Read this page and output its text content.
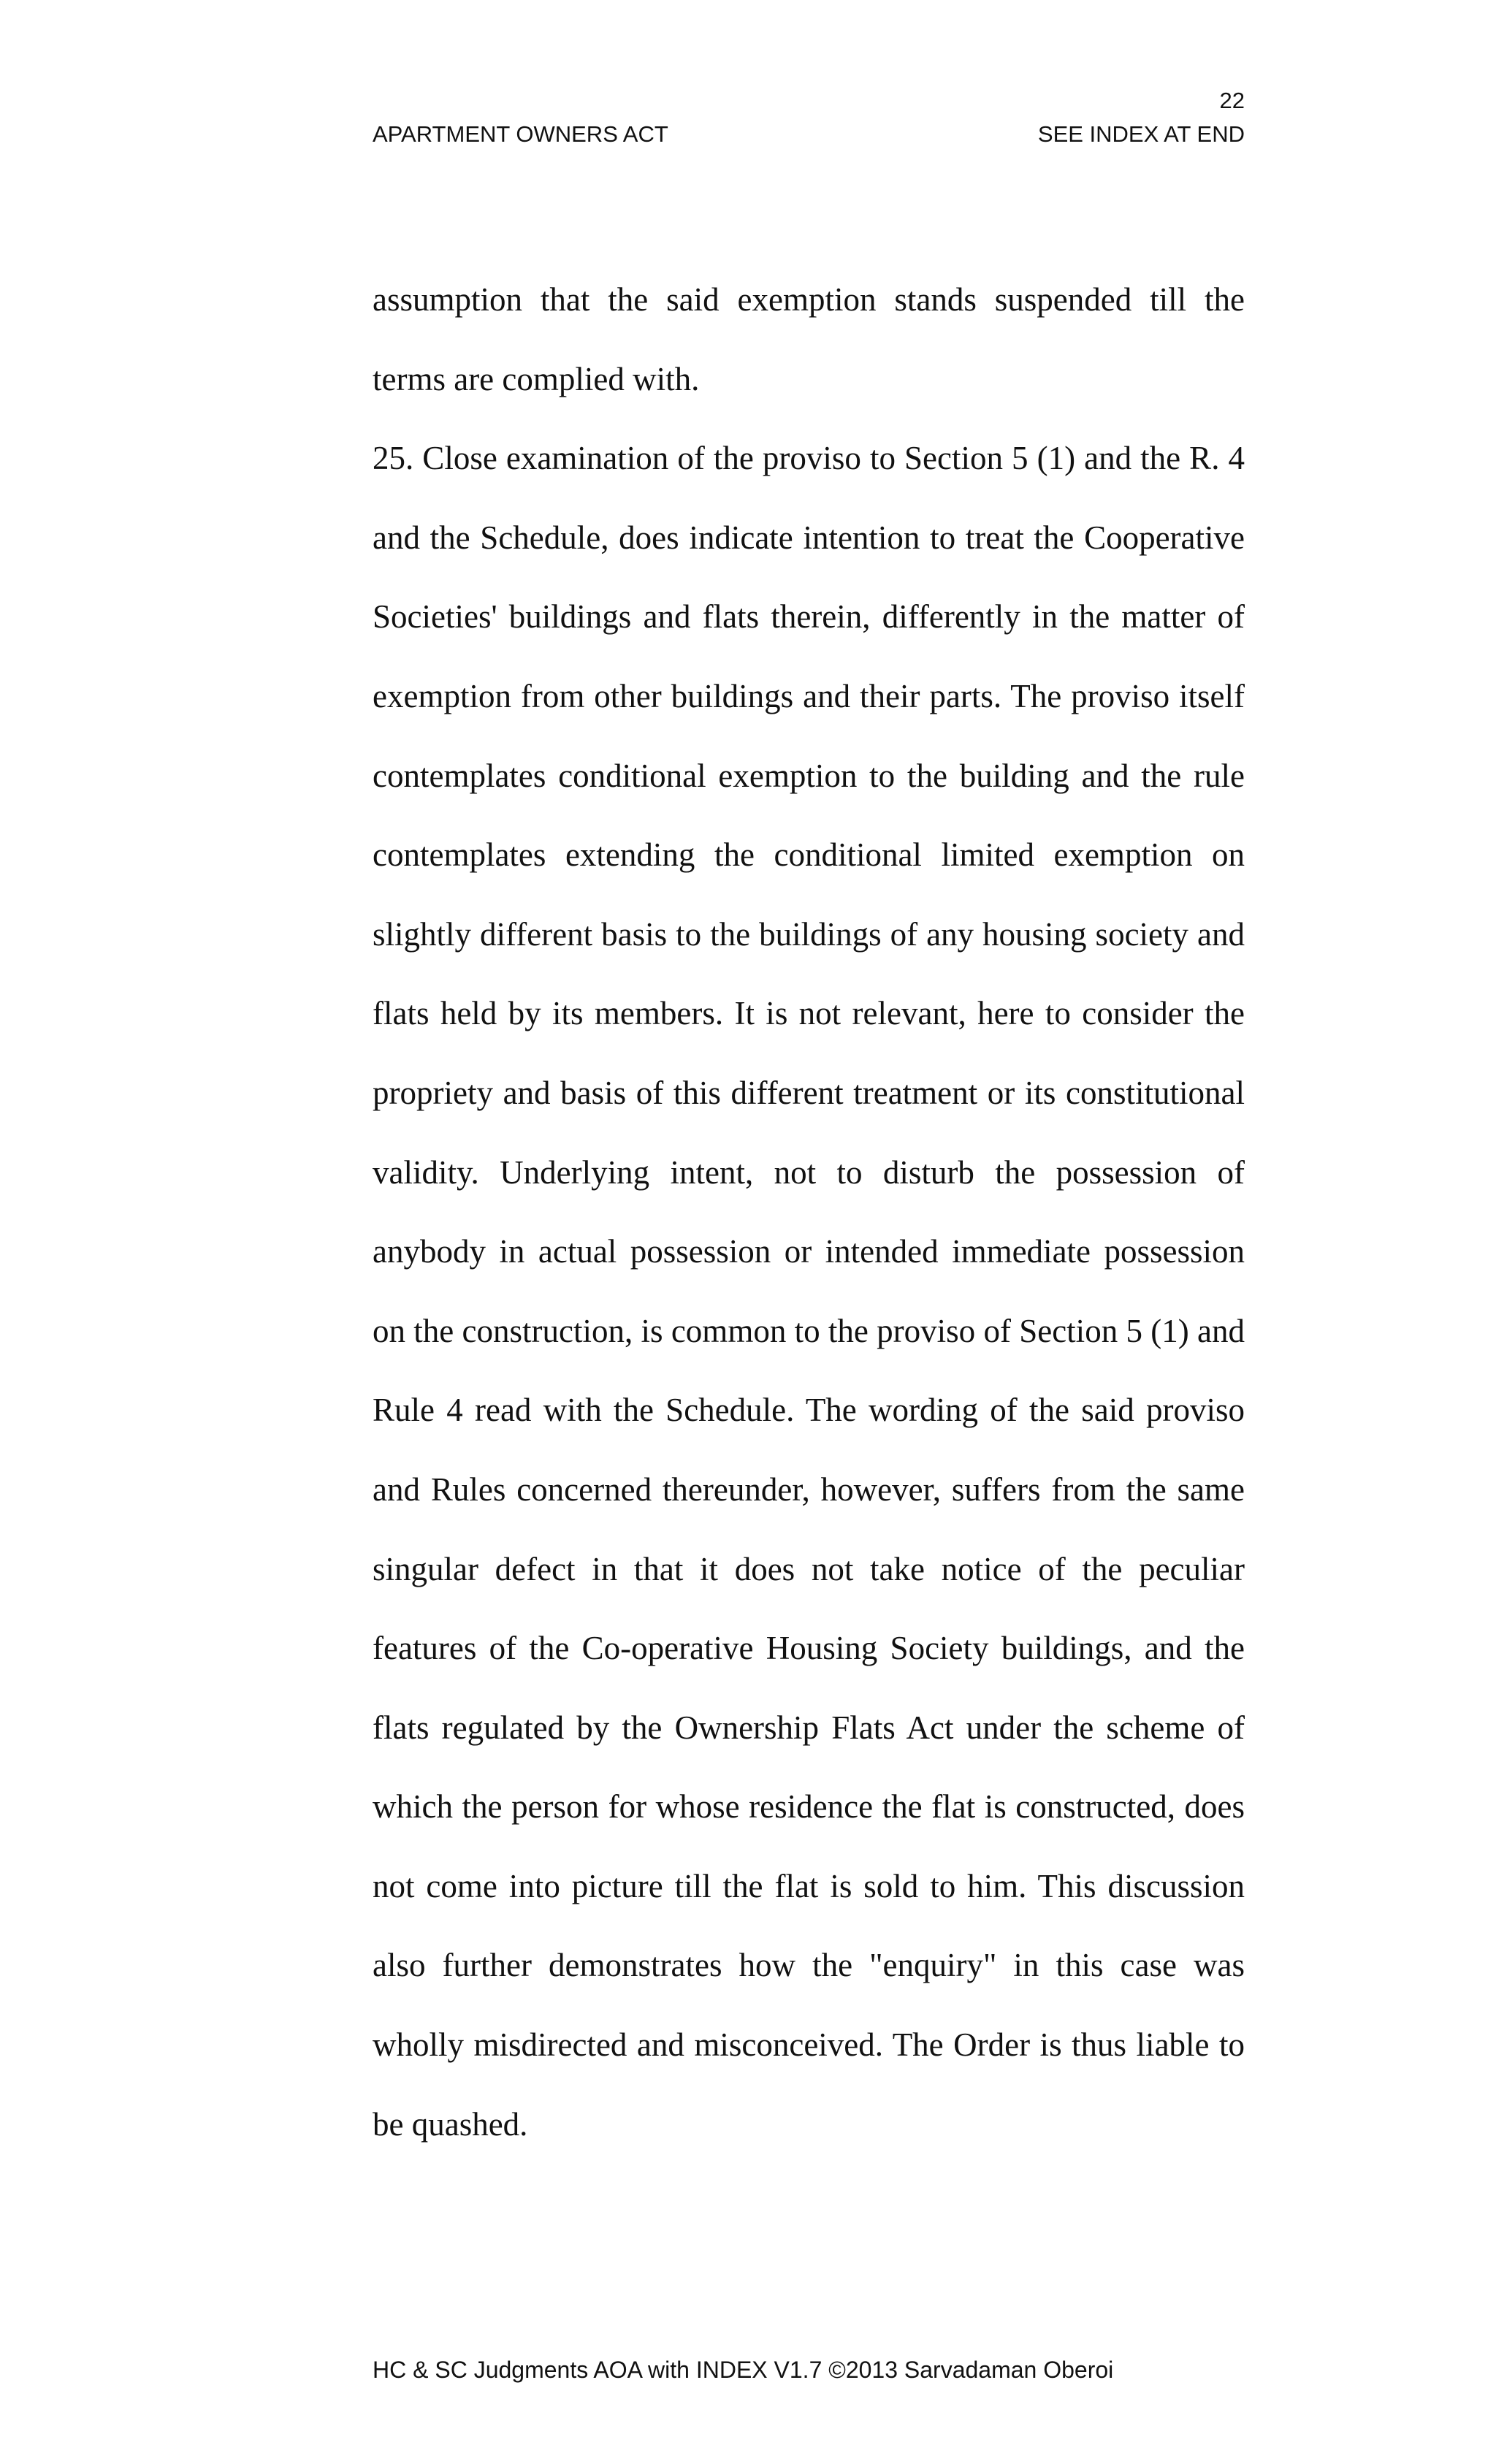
22
APARTMENT OWNERS ACT	SEE INDEX AT END

assumption that the said exemption stands suspended till the terms are complied with.

25. Close examination of the proviso to Section 5 (1) and the R. 4 and the Schedule, does indicate intention to treat the Cooperative Societies' buildings and flats therein, differently in the matter of exemption from other buildings and their parts. The proviso itself contemplates conditional exemption to the building and the rule contemplates extending the conditional limited exemption on slightly different basis to the buildings of any housing society and flats held by its members. It is not relevant, here to consider the propriety and basis of this different treatment or its constitutional validity. Underlying intent, not to disturb the possession of anybody in actual possession or intended immediate possession on the construction, is common to the proviso of Section 5 (1) and Rule 4 read with the Schedule. The wording of the said proviso and Rules concerned thereunder, however, suffers from the same singular defect in that it does not take notice of the peculiar features of the Co-operative Housing Society buildings, and the flats regulated by the Ownership Flats Act under the scheme of which the person for whose residence the flat is constructed, does not come into picture till the flat is sold to him. This discussion also further demonstrates how the "enquiry" in this case was wholly misdirected and misconceived. The Order is thus liable to be quashed.

HC & SC Judgments AOA with INDEX V1.7 ©2013 Sarvadaman Oberoi
